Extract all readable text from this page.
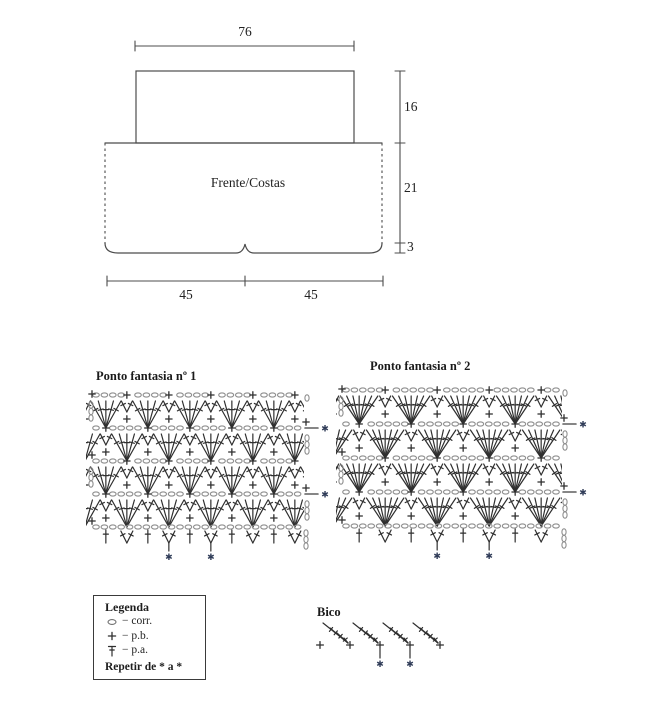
76
16
21
3
45	45
Frente/Costas
Ponto fantasia nº 1
✱	✱
✱
✱
Ponto fantasia nº 2
✱	✱
✱
✱
Legenda
− corr.
− p.b.
− p.a.
Repetir de * a *
Bico
✱ ✱
